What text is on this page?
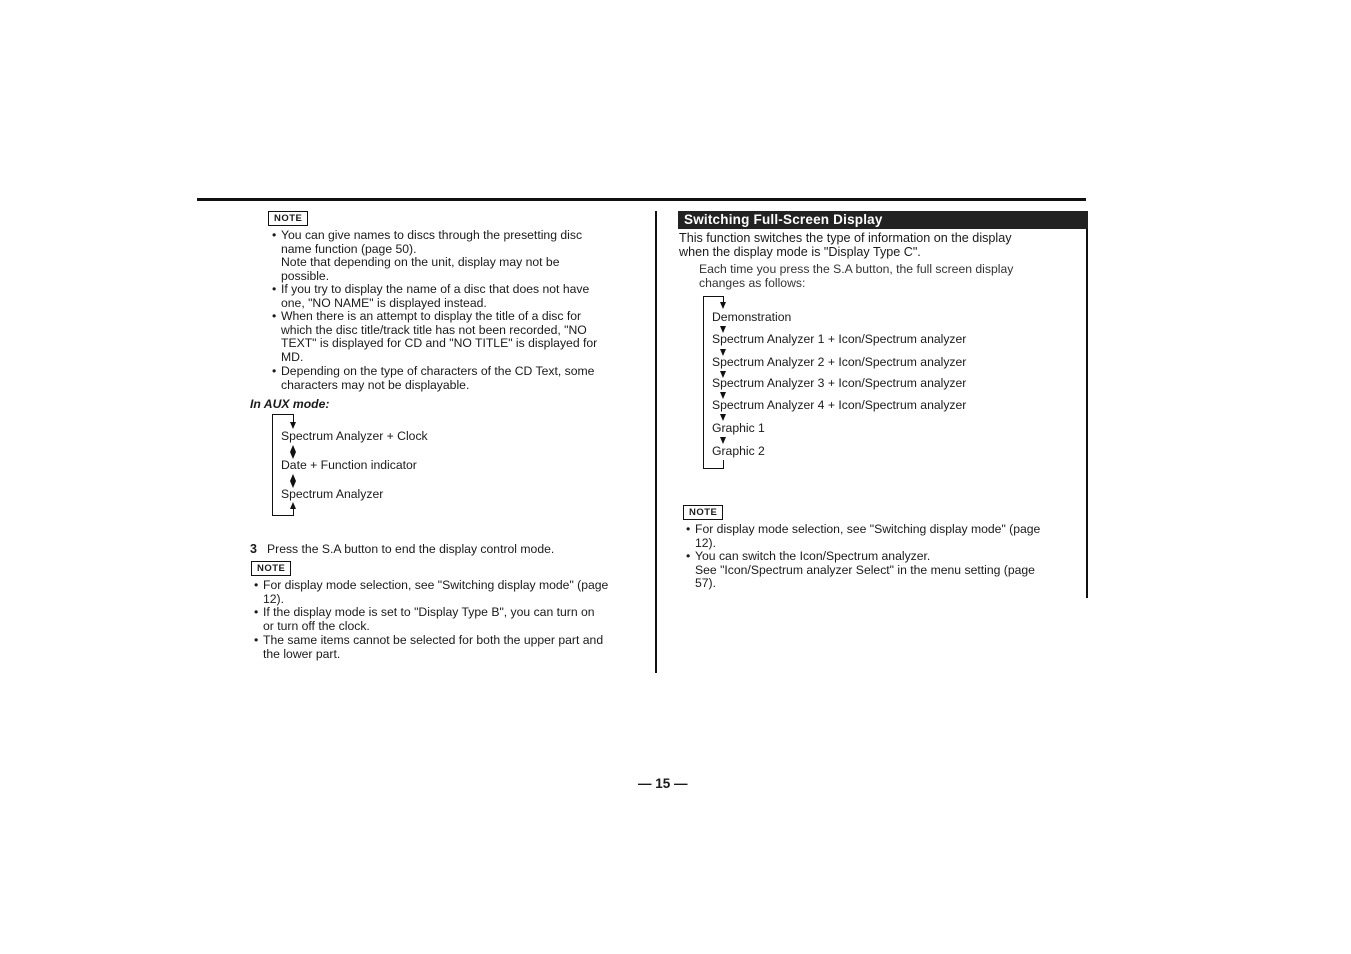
NOTE
• You can give names to discs through the presetting disc
name function (page 50).
Note that depending on the unit, display may not be
possible.
• If you try to display the name of a disc that does not have
one, "NO NAME" is displayed instead.
• When there is an attempt to display the title of a disc for
which the disc title/track title has not been recorded, "NO
TEXT" is displayed for CD and "NO TITLE" is displayed for
MD.
• Depending on the type of characters of the CD Text, some
characters may not be displayable.
In AUX mode:
Spectrum Analyzer + Clock
Date + Function indicator
Spectrum Analyzer
3 Press the S.A button to end the display control mode.
NOTE
• For display mode selection, see "Switching display mode" (page
12).
• If the display mode is set to "Display Type B", you can turn on
or turn off the clock.
• The same items cannot be selected for both the upper part and
the lower part.
Switching Full-Screen Display
This function switches the type of information on the display
when the display mode is "Display Type C".
Each time you press the S.A button, the full screen display
changes as follows:
Demonstration
Spectrum Analyzer 1 + Icon/Spectrum analyzer
Spectrum Analyzer 2 + Icon/Spectrum analyzer
Spectrum Analyzer 3 + Icon/Spectrum analyzer
Spectrum Analyzer 4 + Icon/Spectrum analyzer
Graphic 1
Graphic 2
NOTE
• For display mode selection, see "Switching display mode" (page
12).
• You can switch the Icon/Spectrum analyzer.
See "Icon/Spectrum analyzer Select" in the menu setting (page
57).
— 15 —
